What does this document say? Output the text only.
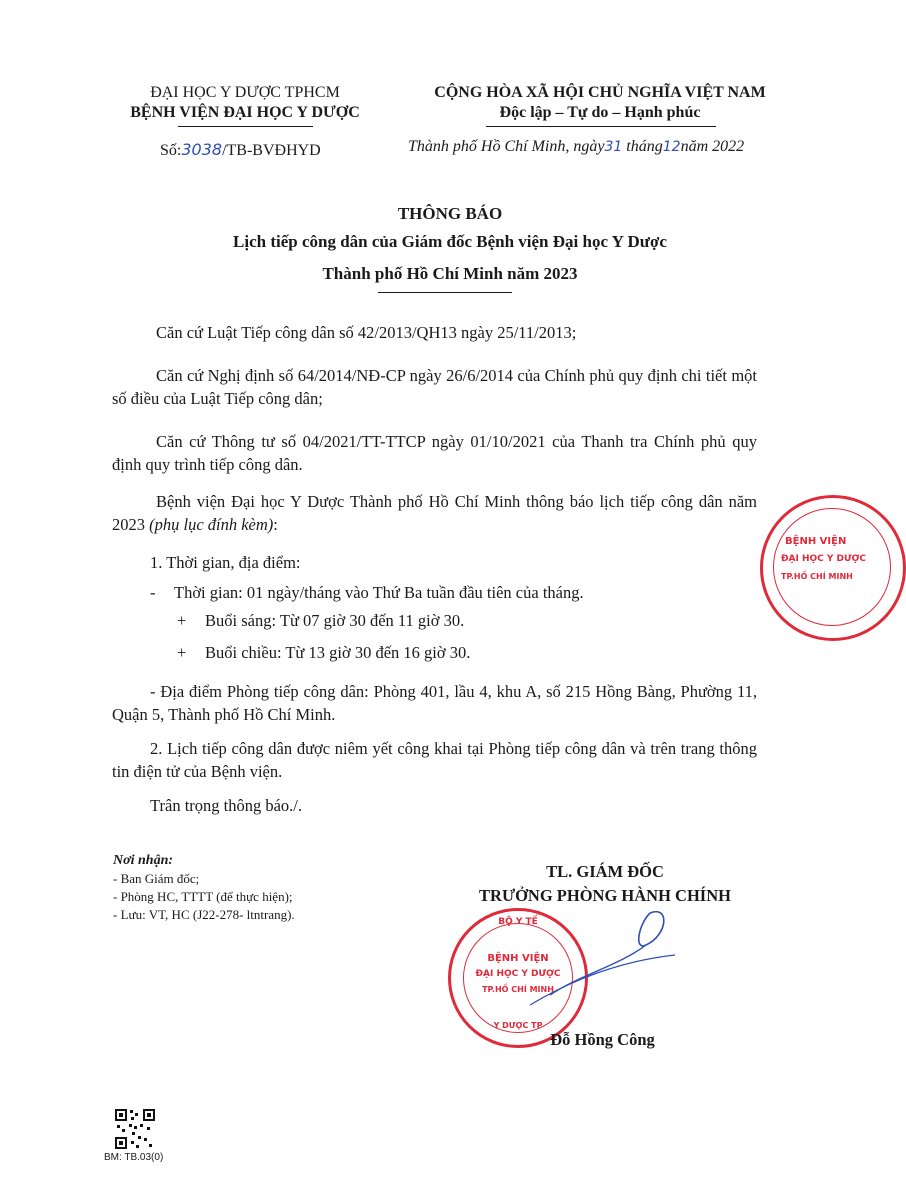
ĐẠI HỌC Y DƯỢC TPHCM
BỆNH VIỆN ĐẠI HỌC Y DƯỢC
Số:3038/TB-BVĐHYD
CỘNG HÒA XÃ HỘI CHỦ NGHĨA VIỆT NAM
Độc lập – Tự do – Hạnh phúc
Thành phố Hồ Chí Minh, ngày31 tháng12năm 2022
THÔNG BÁO
Lịch tiếp công dân của Giám đốc Bệnh viện Đại học Y Dược
Thành phố Hồ Chí Minh năm 2023
Căn cứ Luật Tiếp công dân số 42/2013/QH13 ngày 25/11/2013;
Căn cứ Nghị định số 64/2014/NĐ-CP ngày 26/6/2014 của Chính phủ quy định chi tiết một số điều của Luật Tiếp công dân;
Căn cứ Thông tư số 04/2021/TT-TTCP ngày 01/10/2021 của Thanh tra Chính phủ quy định quy trình tiếp công dân.
Bệnh viện Đại học Y Dược Thành phố Hồ Chí Minh thông báo lịch tiếp công dân năm 2023 (phụ lục đính kèm):
1. Thời gian, địa điểm:
- Thời gian: 01 ngày/tháng vào Thứ Ba tuần đầu tiên của tháng.
+ Buổi sáng: Từ 07 giờ 30 đến 11 giờ 30.
+ Buổi chiều: Từ 13 giờ 30 đến 16 giờ 30.
- Địa điểm Phòng tiếp công dân: Phòng 401, lầu 4, khu A, số 215 Hồng Bàng, Phường 11, Quận 5, Thành phố Hồ Chí Minh.
2. Lịch tiếp công dân được niêm yết công khai tại Phòng tiếp công dân và trên trang thông tin điện tử của Bệnh viện.
Trân trọng thông báo./.
Nơi nhận:
- Ban Giám đốc;
- Phòng HC, TTTT (để thực hiện);
- Lưu: VT, HC (J22-278- ltntrang).
TL. GIÁM ĐỐC
TRƯỞNG PHÒNG HÀNH CHÍNH
BỘ Y TẾ
BỆNH VIỆN
ĐẠI HỌC Y DƯỢC
TP.HỒ CHÍ MINH
Y DƯỢC TP
Đỗ Hồng Công
BỆNH VIỆN
ĐẠI HỌC Y DƯỢC
TP.HỒ CHÍ MINH
BM: TB.03(0)
